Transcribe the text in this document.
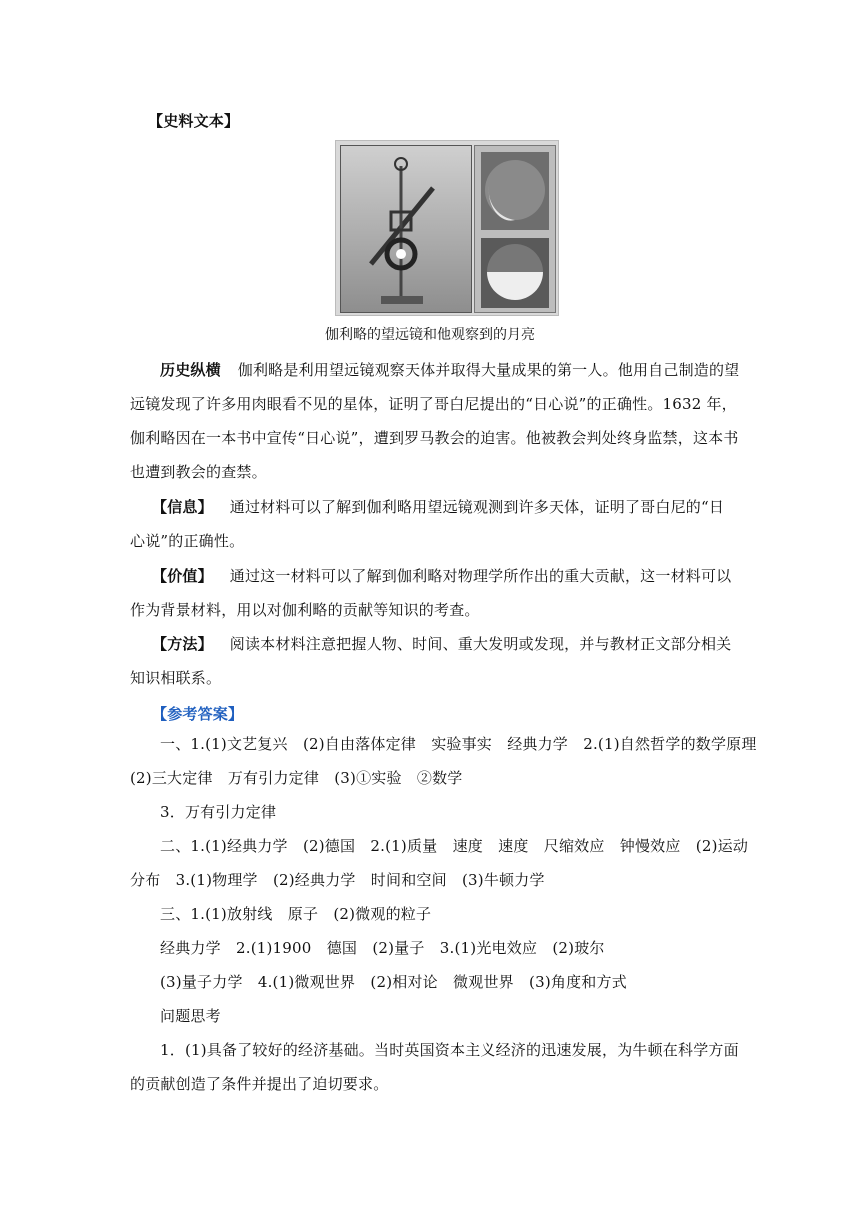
【史料文本】
伽利略的望远镜和他观察到的月亮
历史纵横 伽利略是利用望远镜观察天体并取得大量成果的第一人。他用自己制造的望
远镜发现了许多用肉眼看不见的星体，证明了哥白尼提出的“日心说”的正确性。1632 年，
伽利略因在一本书中宣传“日心说”，遭到罗马教会的迫害。他被教会判处终身监禁，这本书
也遭到教会的查禁。
【信息】 通过材料可以了解到伽利略用望远镜观测到许多天体，证明了哥白尼的“日
心说”的正确性。
【价值】 通过这一材料可以了解到伽利略对物理学所作出的重大贡献，这一材料可以
作为背景材料，用以对伽利略的贡献等知识的考查。
【方法】 阅读本材料注意把握人物、时间、重大发明或发现，并与教材正文部分相关
知识相联系。
【参考答案】
一、1.(1)文艺复兴　(2)自由落体定律　实验事实　经典力学　2.(1)自然哲学的数学原理
(2)三大定律　万有引力定律　(3)①实验　②数学
3．万有引力定律
二、1.(1)经典力学　(2)德国　2.(1)质量　速度　速度　尺缩效应　钟慢效应　(2)运动
分布　3.(1)物理学　(2)经典力学　时间和空间　(3)牛顿力学
三、1.(1)放射线　原子　(2)微观的粒子
经典力学　2.(1)1900　德国　(2)量子　3.(1)光电效应　(2)玻尔
(3)量子力学　4.(1)微观世界　(2)相对论　微观世界　(3)角度和方式
问题思考
1．(1)具备了较好的经济基础。当时英国资本主义经济的迅速发展，为牛顿在科学方面
的贡献创造了条件并提出了迫切要求。
